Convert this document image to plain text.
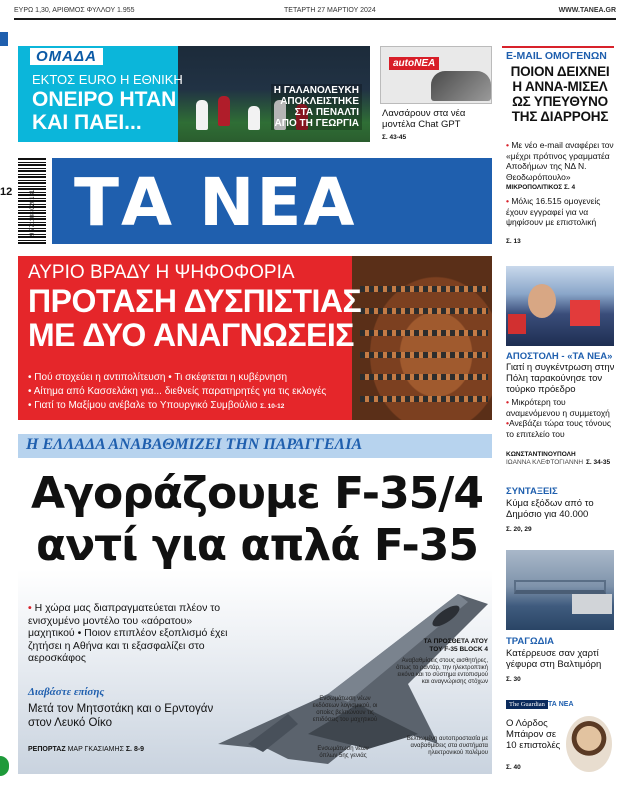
ΕΥΡΩ 1,30, ΑΡΙΘΜΟΣ ΦΥΛΛΟΥ 1.955	ΤΕΤΑΡΤΗ 27 ΜΑΡΤΙΟΥ 2024	WWW.TANEA.GR
12
ΟΜΑΔΑ
ΕΚΤΟΣ EURO Η ΕΘΝΙΚΗ
ΟΝΕΙΡΟ ΗΤΑΝ
ΚΑΙ ΠΑΕΙ...
Η ΓΑΛΑΝΟΛΕΥΚΗ
ΑΠΟΚΛΕΙΣΤΗΚΕ
ΣΤΑ ΠΕΝΑΛΤΙ
ΑΠΟ ΤΗ ΓΕΩΡΓΙΑ
autoΝΕΑ
Λανσάρουν στα νέα μοντέλα Chat GPT
Σ. 43-45
E-MAIL ΟΜΟΓΕΝΩΝ
ΠΟΙΟΝ ΔΕΙΧΝΕΙ
Η ΑΝΝΑ-ΜΙΣΕΛ
ΩΣ ΥΠΕΥΘΥΝΟ
ΤΗΣ ΔΙΑΡΡΟΗΣ
• Με νέο e-mail αναφέρει τον «μέχρι πρότινος γραμματέα Αποδήμων της ΝΔ Ν. Θεοδωρόπουλο»
ΜΙΚΡΟΠΟΛΙΤΙΚΟΣ Σ. 4
• Μόλις 16.515 ομογενείς έχουν εγγραφεί για να ψηφίσουν με επιστολική
Σ. 13
ΑΠΟΣΤΟΛΗ - «ΤΑ ΝΕΑ»
Γιατί η συγκέντρωση στην Πόλη ταρακούνησε τον τούρκο πρόεδρο
• Μικρότερη του αναμενόμενου η συμμετοχή
•Ανεβάζει τώρα τους τόνους το επιτελείο του
ΚΩΝΣΤΑΝΤΙΝΟΥΠΟΛΗ
ΙΩΑΝΝΑ ΚΛΕΦΤΟΓΙΑΝΝΗ Σ. 34-35
ΣΥΝΤΑΞΕΙΣ
Κύμα εξόδων από το Δημόσιο για 40.000
Σ. 20, 29
ΤΡΑΓΩΔΙΑ
Κατέρρευσε σαν χαρτί γέφυρα στη Βαλτιμόρη
Σ. 30
The Guardian ΤΑ ΝΕΑ
Ο Λόρδος Μπάιρον σε 10 επιστολές
Σ. 40
9 771108 020131 ΤΑ ΝΕΑ
ΑΥΡΙΟ ΒΡΑΔΥ Η ΨΗΦΟΦΟΡΙΑ
ΠΡΟΤΑΣΗ ΔΥΣΠΙΣΤΙΑΣ
ΜΕ ΔΥΟ ΑΝΑΓΝΩΣΕΙΣ
• Πού στοχεύει η αντιπολίτευση • Τι σκέφτεται η κυβέρνηση
• Αίτημα από Κασσελάκη για... διεθνείς παρατηρητές για τις εκλογές
• Γιατί το Μαξίμου ανέβαλε το Υπουργικό Συμβούλιο Σ. 10-12
Η ΕΛΛΑΔΑ ΑΝΑΒΑΘΜΙΖΕΙ ΤΗΝ ΠΑΡΑΓΓΕΛΙΑ
Αγοράζουμε F-35/4
αντί για απλά F-35
• Η χώρα μας διαπραγματεύεται πλέον το ενισχυμένο μοντέλο του «αόρατου» μαχητικού • Ποιον επιπλέον εξοπλισμό έχει ζητήσει η Αθήνα και τι εξασφαλίζει στο αεροσκάφος
Διαβάστε επίσης
Μετά τον Μητσοτάκη και ο Ερντογάν στον Λευκό Οίκο
ΡΕΠΟΡΤΑΖ ΜΑΡ ΓΚΑΣΙΑΜΗΣ Σ. 8-9
ΤΑ ΠΡΟΣΘΕΤΑ ΑΤΟΥ
ΤΟΥ F-35 BLOCK 4
Αναβαθμίσεις στους αισθητήρες, όπως το ραντάρ, την ηλεκτροπτική εικόνα και το σύστημα εντοπισμού και αναγνώρισης στόχων
Βελτιωμένη αυτοπροστασία με αναβαθμίσεις στα συστήματα ηλεκτρονικού πολέμου
Ενσωμάτωση νέων εκδόσεων λογισμικού, οι οποίες βελτιώνουν τις επιδόσεις του μαχητικού
Ενσωμάτωση νέων όπλων 5ης γενιάς
